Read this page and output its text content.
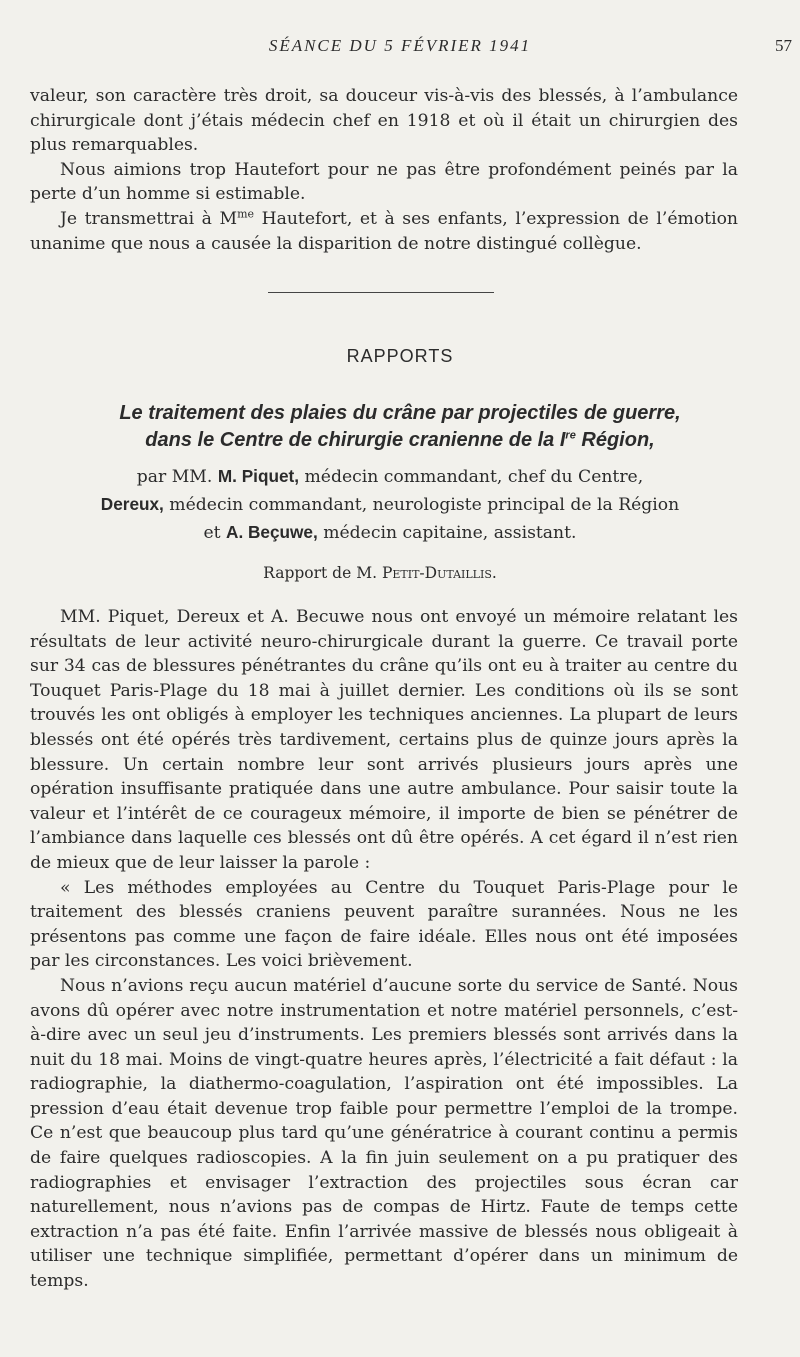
SÉANCE DU 5 FÉVRIER 1941	57

valeur, son caractère très droit, sa douceur vis-à-vis des blessés, à l’ambulance chirurgicale dont j’étais médecin chef en 1918 et où il était un chirurgien des plus remarquables.

Nous aimions trop Hautefort pour ne pas être profondément peinés par la perte d’un homme si estimable.

Je transmettrai à $M^{me}$ Hautefort, et à ses enfants, l’expression de l’émotion unanime que nous a causée la disparition de notre distingué collègue.

RAPPORTS
Le traitement des plaies du crâne par projectiles de guerre,
dans le Centre de chirurgie cranienne de la Ire Région,
par MM. M. Piquet, médecin commandant, chef du Centre,
Dereux, médecin commandant, neurologiste principal de la Région
et A. Beçuwe, médecin capitaine, assistant.
Rapport de M. Petit-Dutaillis.

MM. Piquet, Dereux et A. Becuwe nous ont envoyé un mémoire relatant les résultats de leur activité neuro-chirurgicale durant la guerre. Ce travail porte sur 34 cas de blessures pénétrantes du crâne qu’ils ont eu à traiter au centre du Touquet Paris-Plage du 18 mai à juillet dernier. Les conditions où ils se sont trouvés les ont obligés à employer les techniques anciennes. La plupart de leurs blessés ont été opérés très tardivement, certains plus de quinze jours après la blessure. Un certain nombre leur sont arrivés plusieurs jours après une opération insuffisante pratiquée dans une autre ambulance. Pour saisir toute la valeur et l’intérêt de ce courageux mémoire, il importe de bien se pénétrer de l’ambiance dans laquelle ces blessés ont dû être opérés. A cet égard il n’est rien de mieux que de leur laisser la parole :

« Les méthodes employées au Centre du Touquet Paris-Plage pour le traitement des blessés craniens peuvent paraître surannées. Nous ne les présentons pas comme une façon de faire idéale. Elles nous ont été imposées par les circonstances. Les voici brièvement.

Nous n’avions reçu aucun matériel d’aucune sorte du service de Santé. Nous avons dû opérer avec notre instrumentation et notre matériel personnels, c’est-à-dire avec un seul jeu d’instruments. Les premiers blessés sont arrivés dans la nuit du 18 mai. Moins de vingt-quatre heures après, l’électricité a fait défaut : la radiographie, la diathermo-coagulation, l’aspiration ont été impossibles. La pression d’eau était devenue trop faible pour permettre l’emploi de la trompe. Ce n’est que beaucoup plus tard qu’une génératrice à courant continu a permis de faire quelques radioscopies. A la fin juin seulement on a pu pratiquer des radiographies et envisager l’extraction des projectiles sous écran car naturellement, nous n’avions pas de compas de Hirtz. Faute de temps cette extraction n’a pas été faite. Enfin l’arrivée massive de blessés nous obligeait à utiliser une technique simplifiée, permettant d’opérer dans un minimum de temps.
